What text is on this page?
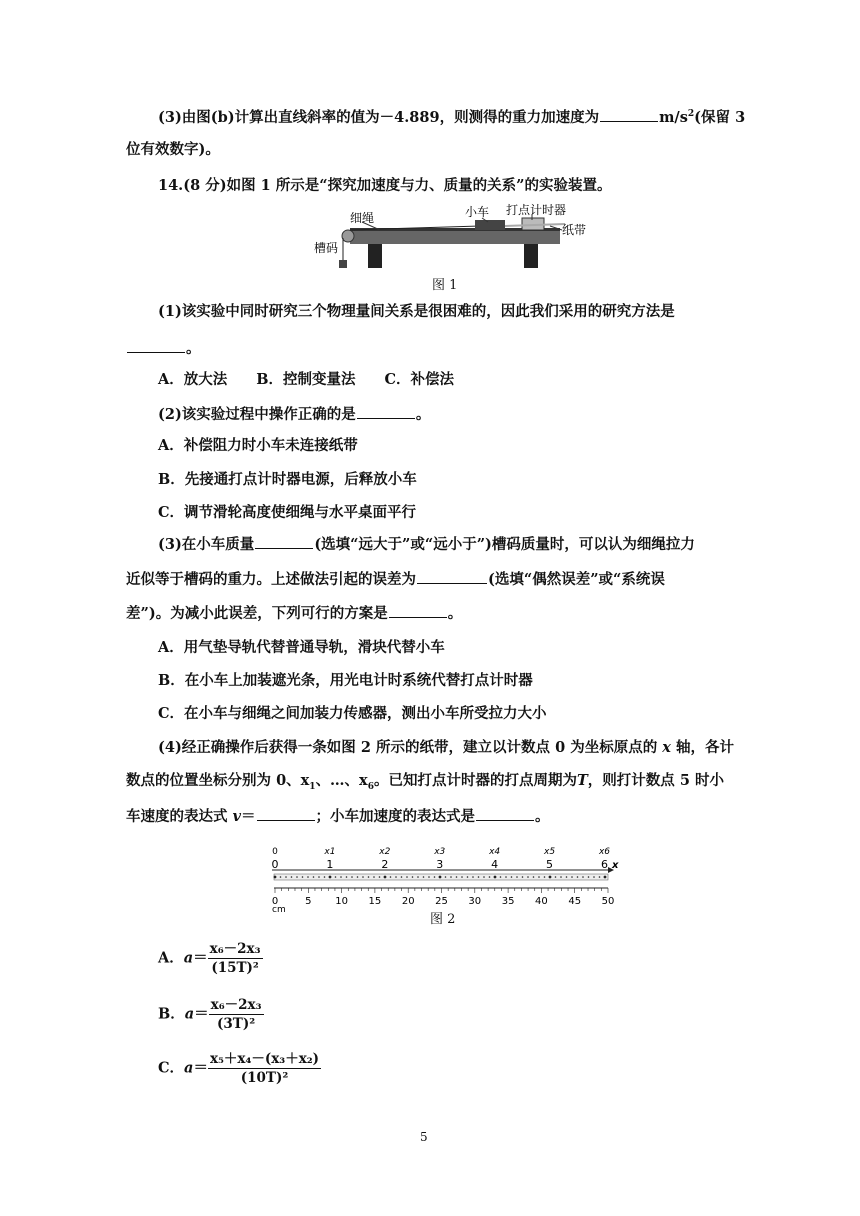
(3)由图(b)计算出直线斜率的值为－4.889，则测得的重力加速度为	$m/s^2$(保留 3
位有效数字)。
14.(8 分)如图 1 所示是“探究加速度与力、质量的关系”的实验装置。
细绳	小车 打点计时器
纸带
槽码
图 1
(1)该实验中同时研究三个物理量间关系是很困难的，因此我们采用的研究方法是
。
A．放大法　　B．控制变量法　　C．补偿法
(2)该实验过程中操作正确的是	。
A．补偿阻力时小车未连接纸带
B．先接通打点计时器电源，后释放小车
C．调节滑轮高度使细绳与水平桌面平行
(3)在小车质量	(选填“远大于”或“远小于”)槽码质量时，可以认为细绳拉力
近似等于槽码的重力。上述做法引起的误差为	(选填“偶然误差”或“系统误
差”)。为减小此误差，下列可行的方案是	。
A．用气垫导轨代替普通导轨，滑块代替小车
B．在小车上加装遮光条，用光电计时系统代替打点计时器
C．在小车与细绳之间加装力传感器，测出小车所受拉力大小
(4)经正确操作后获得一条如图 2 所示的纸带，建立以计数点 0 为坐标原点的 x 轴，各计
数点的位置坐标分别为 0、$x_1$、…、$x_6$。已知打点计时器的打点周期为T，则打计数点 5 时小
车速度的表达式 v＝	；小车加速度的表达式是	。
0
0
x1
1
x2
2
x3
3
x4
4
x5
5
x6
6 x
0	5 10 15 20 25 30 35 40 45 50
cm
图 2
A．$a= \frac{\text{x₆－2x₃}}{\text{(15T)²}}$
B．$a= \frac{\text{x₆－2x₃}}{\text{(3T)²}}$
C．$a= \frac{\text{x₅＋x₄－(x₃＋x₂)}}{\text{(10T)²}}$
5
